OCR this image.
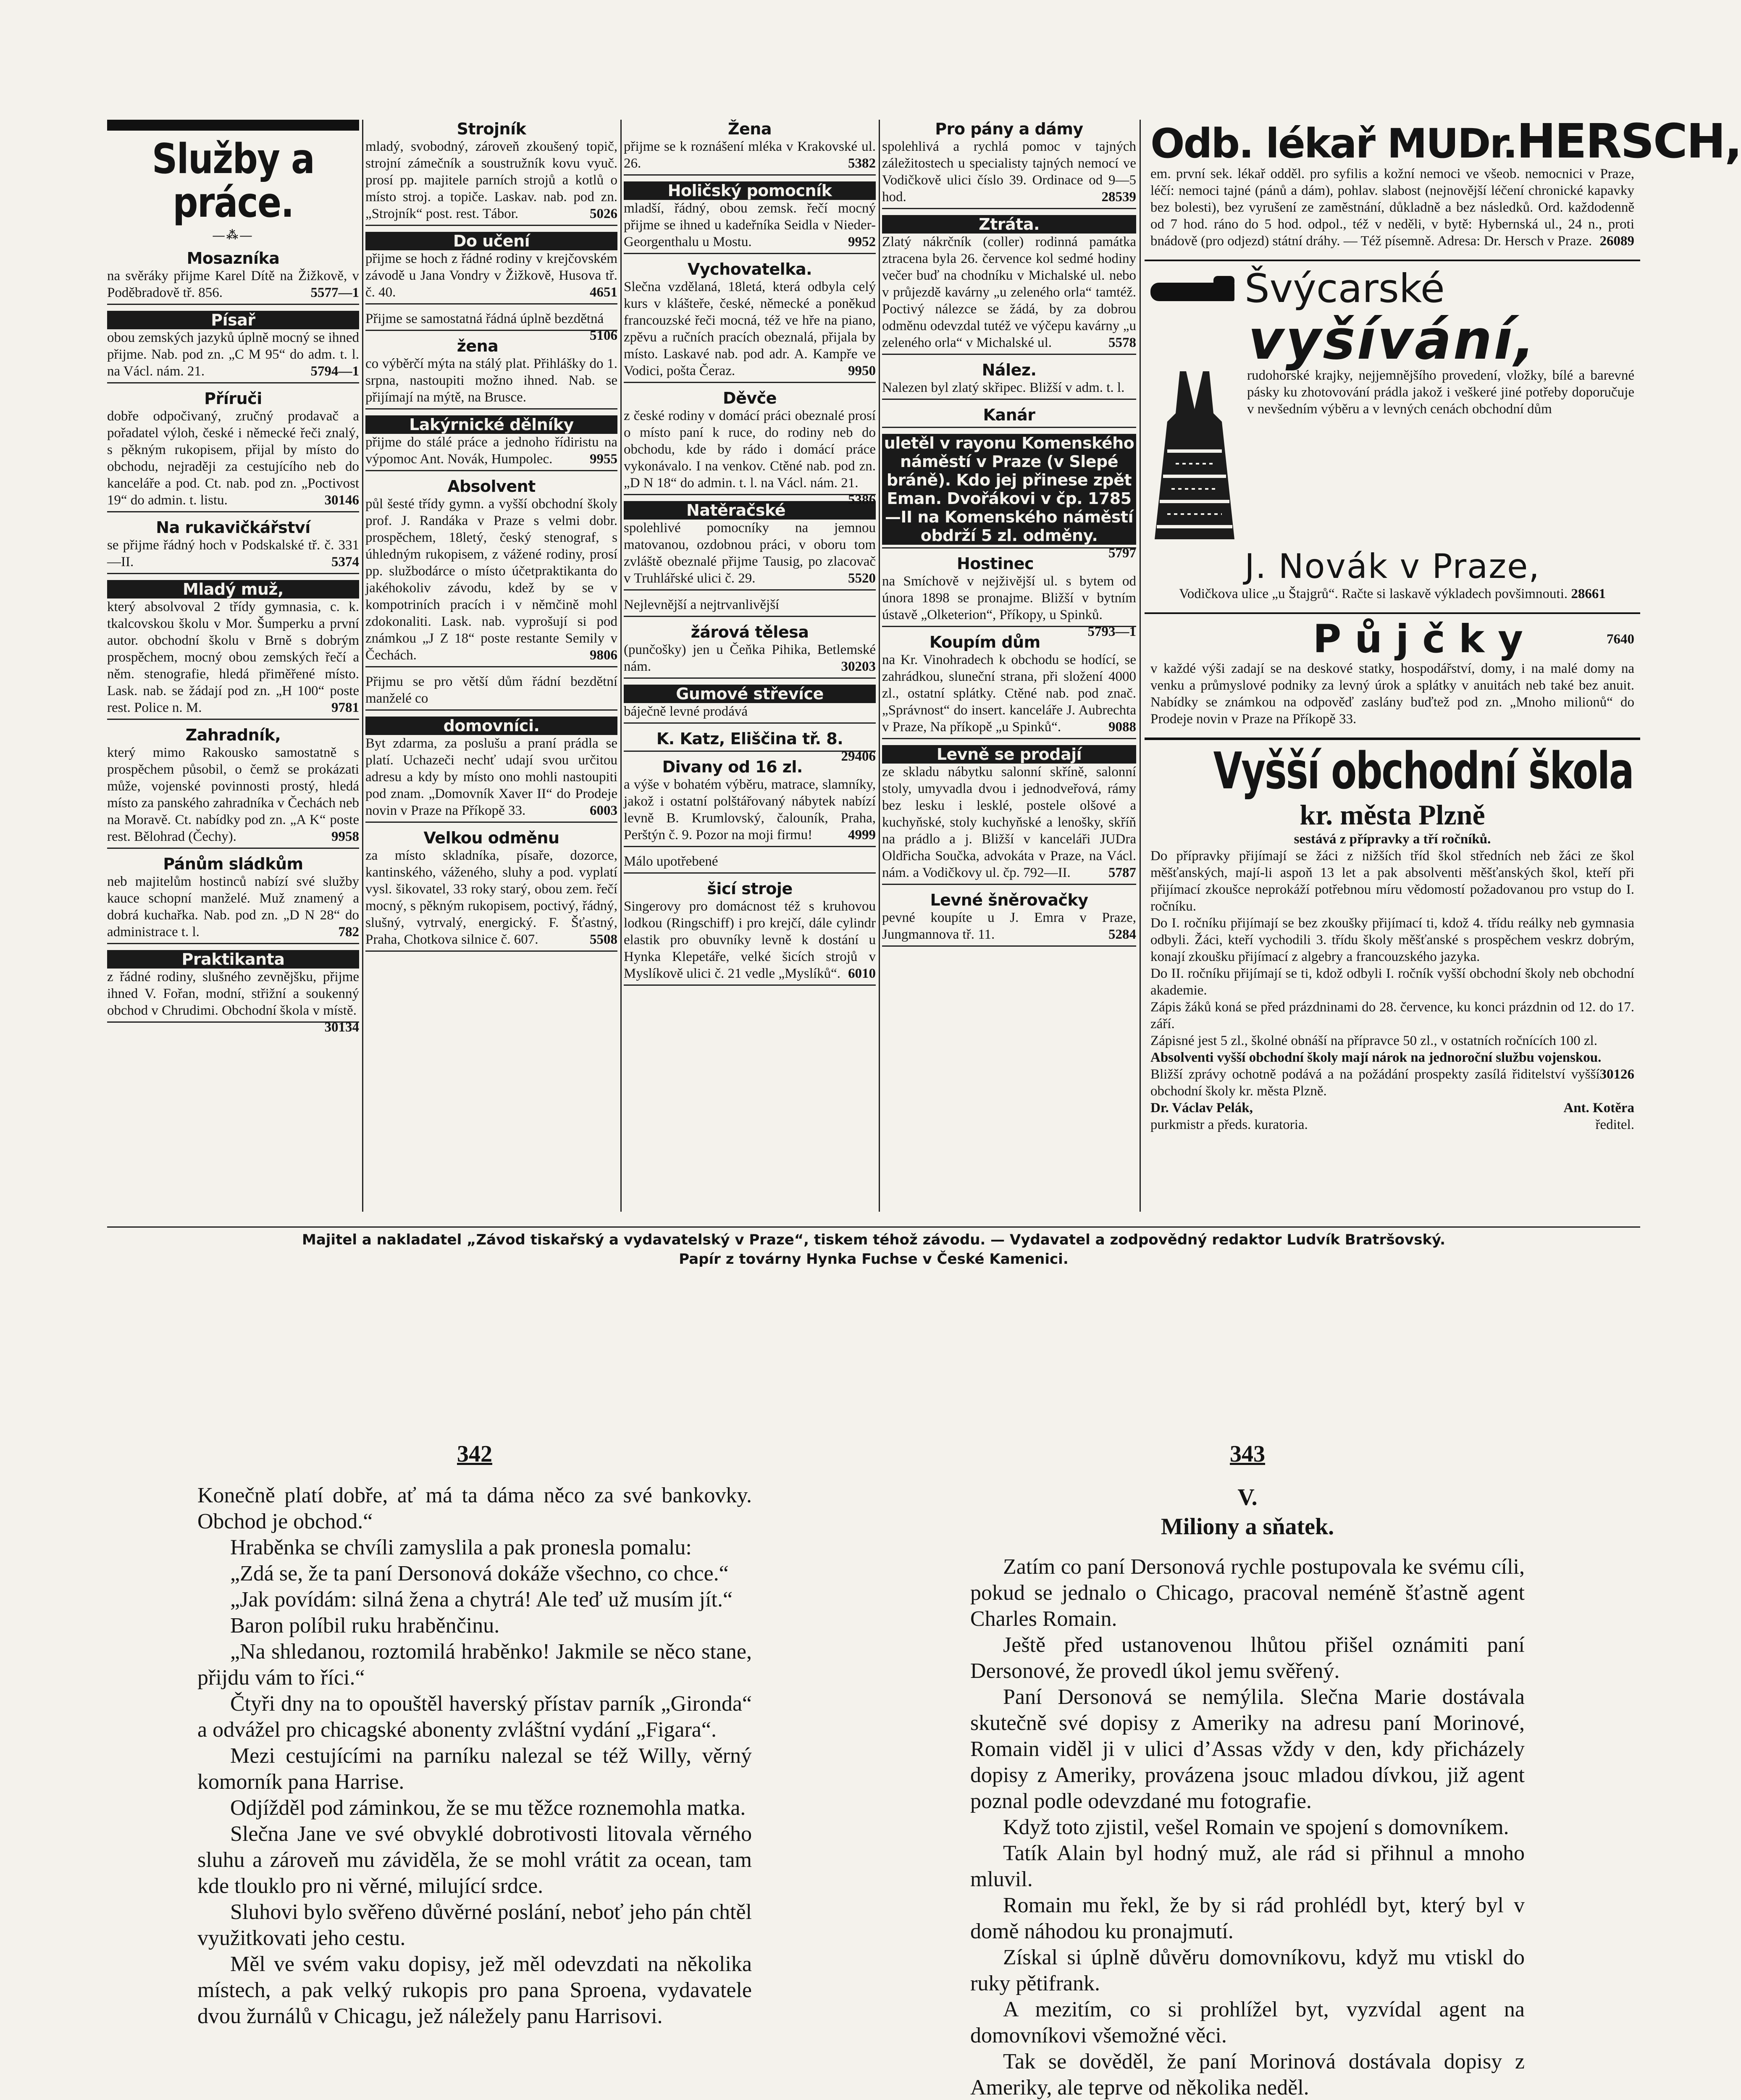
Služby a práce.
—⁂—
Mosazníka
na svěráky přijme Karel Dítě na Žižkově, v Poděbradově tř. 856.	5577—1
Písař
obou zemských jazyků úplně mocný se ihned přijme. Nab. pod zn. „C M 95“ do adm. t. l. na Václ. nám. 21.	5794—1
Příruči
dobře odpočivaný, zručný prodavač a pořadatel výloh, české i německé řeči znalý, s pěkným rukopisem, přijal by místo do obchodu, nejraději za cestujícího neb do kanceláře a pod. Ct. nab. pod zn. „Poctivost 19“ do admin. t. listu.	30146
Na rukavičkářství
se přijme řádný hoch v Podskalské tř. č. 331—II.	5374
Mladý muž,
který absolvoval 2 třídy gymnasia, c. k. tkalcovskou školu v Mor. Šumperku a první autor. obchodní školu v Brně s dobrým prospěchem, mocný obou zemských řečí a něm. stenografie, hledá přiměřené místo. Lask. nab. se žádají pod zn. „H 100“ poste rest. Police n. M.	9781
Zahradník,
který mimo Rakousko samostatně s prospěchem působil, o čemž se prokázati může, vojenské povinnosti prostý, hledá místo za panského zahradníka v Čechách neb na Moravě. Ct. nabídky pod zn. „A K“ poste rest. Bělohrad (Čechy).	9958
Pánům sládkům
neb majitelům hostinců nabízí své služby kauce schopní manželé. Muž znamený a dobrá kuchařka. Nab. pod zn. „D N 28“ do administrace t. l.	782
Praktikanta
z řádné rodiny, slušného zevnějšku, přijme ihned V. Fořan, modní, střižní a soukenný obchod v Chrudimi. Obchodní škola v místě.
30134
Strojník
mladý, svobodný, zároveň zkoušený topič, strojní zámečník a soustružník kovu vyuč. prosí pp. majitele parních strojů a kotlů o místo stroj. a topiče. Laskav. nab. pod zn. „Strojník“ post. rest. Tábor.	5026
Do učení
přijme se hoch z řádné rodiny v krejčovském závodě u Jana Vondry v Žižkově, Husova tř. č. 40.	4651
Přijme se samostatná řádná úplně bezdětná
5106
žena
co výběrčí mýta na stálý plat. Přihlášky do 1. srpna, nastoupiti možno ihned. Nab. se přijímají na mýtě, na Brusce.
Lakýrnické dělníky
přijme do stálé práce a jednoho řídiristu na výpomoc Ant. Novák, Humpolec.	9955
Absolvent
půl šesté třídy gymn. a vyšší obchodní školy prof. J. Randáka v Praze s velmi dobr. prospěchem, 18letý, český stenograf, s úhledným rukopisem, z vážené rodiny, prosí pp. službodárce o místo účetpraktikanta do jakéhokoliv závodu, kdež by se v kompotriních pracích i v němčině mohl zdokonaliti. Lask. nab. vyprošují si pod známkou „J Z 18“ poste restante Semily v Čechách.	9806
Přijmu se pro větší dům řádní bezdětní manželé co
domovníci.
Byt zdarma, za poslušu a praní prádla se platí. Uchazeči nechť udají svou určitou adresu a kdy by místo ono mohli nastoupiti pod znam. „Domovník Xaver II“ do Prodeje novin v Praze na Příkopě 33.	6003
Velkou odměnu
za místo skladníka, písaře, dozorce, kantinského, váženého, sluhy a pod. vyplatí vysl. šikovatel, 33 roky starý, obou zem. řečí mocný, s pěkným rukopisem, poctivý, řádný, slušný, vytrvalý, energický. F. Šťastný, Praha, Chotkova silnice č. 607.	5508
Žena
přijme se k roznášení mléka v Krakovské ul. 26.	5382
Holičský pomocník
mladší, řádný, obou zemsk. řečí mocný přijme se ihned u kadeřníka Seidla v Nieder-Georgenthalu u Mostu.	9952
Vychovatelka.
Slečna vzdělaná, 18letá, která odbyla celý kurs v klášteře, české, německé a poněkud francouzské řeči mocná, též ve hře na piano, zpěvu a ručních pracích obeznalá, přijala by místo. Laskavé nab. pod adr. A. Kampře ve Vodici, pošta Čeraz.	9950
Děvče
z české rodiny v domácí práci obeznalé prosí o místo paní k ruce, do rodiny neb do obchodu, kde by rádo i domácí práce vykonávalo. I na venkov. Ctěné nab. pod zn. „D N 18“ do admin. t. l. na Václ. nám. 21.
5386
Natěračské
spolehlivé pomocníky na jemnou matovanou, ozdobnou práci, v oboru tom zvláště obeznalé přijme Tausig, po zlacovač v Truhlářské ulici č. 29.	5520
Nejlevnější a nejtrvanlivější
žárová tělesa
(punčošky) jen u Čeňka Pihika, Betlemské nám.	30203
Gumové střevíce
báječně levné prodává
K. Katz, Eliščina tř. 8.
29406
Divany od 16 zl.
a výše v bohatém výběru, matrace, slamníky, jakož i ostatní polštářovaný nábytek nabízí levně B. Krumlovský, čalouník, Praha, Perštýn č. 9. Pozor na moji firmu!	4999
Málo upotřebené
šicí stroje
Singerovy pro domácnost též s kruhovou lodkou (Ringschiff) i pro krejčí, dále cylindr elastik pro obuvníky levně k dostání u Hynka Klepetáře, velké šicích strojů v Myslíkově ulici č. 21 vedle „Myslíků“. 6010
Pro pány a dámy
spolehlivá a rychlá pomoc v tajných záležitostech u specialisty tajných nemocí ve Vodičkově ulici číslo 39. Ordinace od 9—5 hod.	28539
Ztráta.
Zlatý nákrčník (coller) rodinná památka ztracena byla 26. července kol sedmé hodiny večer buď na chodníku v Michalské ul. nebo v průjezdě kavárny „u zeleného orla“ tamtéž. Poctivý nálezce se žádá, by za dobrou odměnu odevzdal tutéž ve výčepu kavárny „u zeleného orla“ v Michalské ul.	5578
Nález.
Nalezen byl zlatý skřipec. Bližší v adm. t. l.
Kanár
uletěl v rayonu Komenského náměstí v Praze (v Slepé bráně). Kdo jej přinese zpět Eman. Dvořákovi v čp. 1785—II na Komenského náměstí obdrží 5 zl. odměny.
5797
Hostinec
na Smíchově v nejživější ul. s bytem od února 1898 se pronajme. Bližší v bytním ústavě „Olketerion“, Příkopy, u Spinků.
5793—1
Koupím dům
na Kr. Vinohradech k obchodu se hodící, se zahrádkou, sluneční strana, při složení 4000 zl., ostatní splátky. Ctěné nab. pod znač. „Správnost“ do insert. kanceláře J. Aubrechta v Praze, Na příkopě „u Spinků“.	9088
Levně se prodají
ze skladu nábytku salonní skříně, salonní stoly, umyvadla dvou i jednodveřová, rámy bez lesku i lesklé, postele olšové a kuchyňské, stoly kuchyňské a lenošky, skříň na prádlo a j. Bližší v kanceláři JUDra Oldřicha Součka, advokáta v Praze, na Václ. nám. a Vodičkovy ul. čp. 792—II.	5787
Levné šněrovačky
pevné koupíte u J. Emra v Praze, Jungmannova tř. 11.	5284
Odb. lékař MUDr.HERSCH,
em. první sek. lékař odděl. pro syfilis a kožní nemoci ve všeob. nemocnici v Praze, léčí: nemoci tajné (pánů a dám), pohlav. slabost (nejnovější léčení chronické kapavky bez bolesti), bez vyrušení ze zaměstnání, důkladně a bez následků. Ord. každodenně od 7 hod. ráno do 5 hod. odpol., též v neděli, v bytě: Hybernská ul., 24 n., proti bnádově (pro odjezd) státní dráhy. — Též písemně. Adresa: Dr. Hersch v Praze. 26089
Švýcarské
vyšívání,
rudohorské krajky, nejjemnějšího provedení, vložky, bílé a barevné pásky ku zhotovování prádla jakož i veškeré jiné potřeby doporučuje v nevšedním výběru a v levných cenách obchodní dům
J. Novák v Praze,
Vodičkova ulice „u Štajgrů“. Račte si laskavě výkladech povšimnouti. 28661
Půjčky	7640
v každé výši zadají se na deskové statky, hospodářství, domy, i na malé domy na venku a průmyslové podniky za levný úrok a splátky v anuitách neb také bez anuit. Nabídky se známkou na odpověď zaslány buďtež pod zn. „Mnoho milionů“ do Prodeje novin v Praze na Příkopě 33.
Vyšší obchodní škola
kr. města Plzně
sestává z přípravky a tří ročníků.
Do přípravky přijímají se žáci z nižších tříd škol středních neb žáci ze škol měšťanských, mají-li aspoň 13 let a pak absolventi měšťanských škol, kteří při přijímací zkoušce neprokáží potřebnou míru vědomostí požadovanou pro vstup do I. ročníku.
Do I. ročníku přijímají se bez zkoušky přijímací ti, kdož 4. třídu reálky neb gymnasia odbyli. Žáci, kteří vychodili 3. třídu školy měšťanské s prospěchem veskrz dobrým, konají zkoušku přijímací z algebry a francouzského jazyka.
Do II. ročníku přijímají se ti, kdož odbyli I. ročník vyšší obchodní školy neb obchodní akademie.
Zápis žáků koná se před prázdninami do 28. července, ku konci prázdnin od 12. do 17. září.
Zápisné jest 5 zl., školné obnáší na přípravce 50 zl., v ostatních ročnících 100 zl.
Absolventi vyšší obchodní školy mají nárok na jednoroční službu vojenskou.
30126
Bližší zprávy ochotně podává a na požádání prospekty zasílá řiditelství vyšší obchodní školy kr. města Plzně.
Dr. Václav Pelák,
purkmistr a předs. kuratoria.
Ant. Kotěra
ředitel.
Majitel a nakladatel „Závod tiskařský a vydavatelský v Praze“, tiskem téhož závodu. — Vydavatel a zodpovědný redaktor Ludvík Bratršovský.
Papír z továrny Hynka Fuchse v České Kamenici.
342

Konečně platí dobře, ať má ta dáma něco za své bankovky. Obchod je obchod.“

Hraběnka se chvíli zamyslila a pak pronesla pomalu:

„Zdá se, že ta paní Dersonová dokáže všechno, co chce.“

„Jak povídám: silná žena a chytrá! Ale teď už musím jít.“

Baron políbil ruku hraběnčinu.

„Na shledanou, roztomilá hraběnko! Jakmile se něco stane, přijdu vám to říci.“

Čtyři dny na to opouštěl haverský přístav parník „Gironda“ a odvážel pro chicagské abonenty zvláštní vydání „Figara“.

Mezi cestujícími na parníku nalezal se též Willy, věrný komorník pana Harrise.

Odjížděl pod záminkou, že se mu těžce roznemohla matka.

Slečna Jane ve své obvyklé dobrotivosti litovala věrného sluhu a zároveň mu záviděla, že se mohl vrátit za ocean, tam kde tlouklo pro ni věrné, milující srdce.

Sluhovi bylo svěřeno důvěrné poslání, neboť jeho pán chtěl využitkovati jeho cestu.

Měl ve svém vaku dopisy, jež měl odevzdati na několika místech, a pak velký rukopis pro pana Sproena, vydavatele dvou žurnálů v Chicagu, jež náležely panu Harrisovi.

343
V.
Miliony a sňatek.

Zatím co paní Dersonová rychle postupovala ke svému cíli, pokud se jednalo o Chicago, pracoval neméně šťastně agent Charles Romain.

Ještě před ustanovenou lhůtou přišel oznámiti paní Dersonové, že provedl úkol jemu svěřený.

Paní Dersonová se nemýlila. Slečna Marie dostávala skutečně své dopisy z Ameriky na adresu paní Morinové, Romain viděl ji v ulici d’Assas vždy v den, kdy přicházely dopisy z Ameriky, provázena jsouc mladou dívkou, již agent poznal podle odevzdané mu fotografie.

Když toto zjistil, vešel Romain ve spojení s domovníkem.

Tatík Alain byl hodný muž, ale rád si přihnul a mnoho mluvil.

Romain mu řekl, že by si rád prohlédl byt, který byl v domě náhodou ku pronajmutí.

Získal si úplně důvěru domovníkovu, když mu vtiskl do ruky pětifrank.

A mezitím, co si prohlížel byt, vyzvídal agent na domovníkovi všemožné věci.

Tak se dověděl, že paní Morinová dostávala dopisy z Ameriky, ale teprve od několika neděl.
